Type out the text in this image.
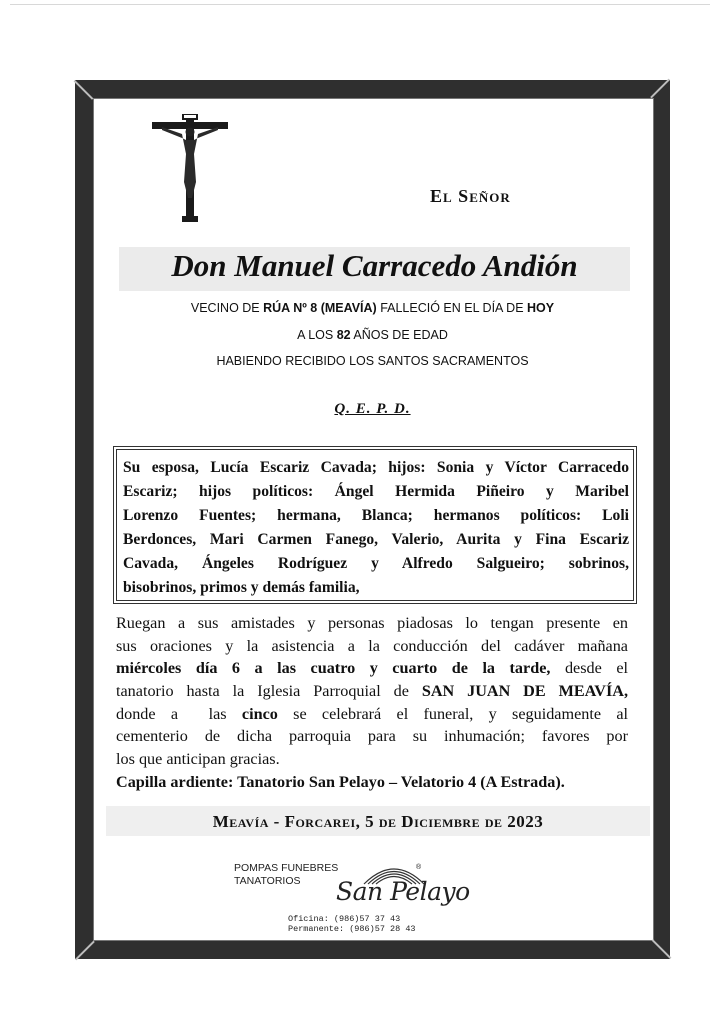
El Señor
Don Manuel Carracedo Andión
VECINO DE RÚA Nº 8 (MEAVÍA) FALLECIÓ EN EL DÍA DE HOY
A LOS 82 AÑOS DE EDAD
HABIENDO RECIBIDO LOS SANTOS SACRAMENTOS
Q. E. P. D.
Su esposa, Lucía Escariz Cavada; hijos: Sonia y Víctor Carracedo
Escariz; hijos políticos: Ángel Hermida Piñeiro y Maribel
Lorenzo Fuentes; hermana, Blanca; hermanos políticos: Loli
Berdonces, Mari Carmen Fanego, Valerio, Aurita y Fina Escariz
Cavada, Ángeles Rodríguez y Alfredo Salgueiro; sobrinos,
bisobrinos, primos y demás familia,
Ruegan a sus amistades y personas piadosas lo tengan presente en
sus oraciones y la asistencia a la conducción del cadáver mañana
miércoles día 6 a las cuatro y cuarto de la tarde, desde el
tanatorio hasta la Iglesia Parroquial de SAN JUAN DE MEAVÍA,
donde a  las cinco se celebrará el funeral, y seguidamente al
cementerio de dicha parroquia para su inhumación; favores por
los que anticipan gracias.
Capilla ardiente: Tanatorio San Pelayo – Velatorio 4 (A Estrada).
Meavía - Forcarei, 5 de Diciembre de 2023
POMPAS FUNEBRES
TANATORIOS
®
San Pelayo
Oficina: (986)57 37 43
Permanente: (986)57 28 43
